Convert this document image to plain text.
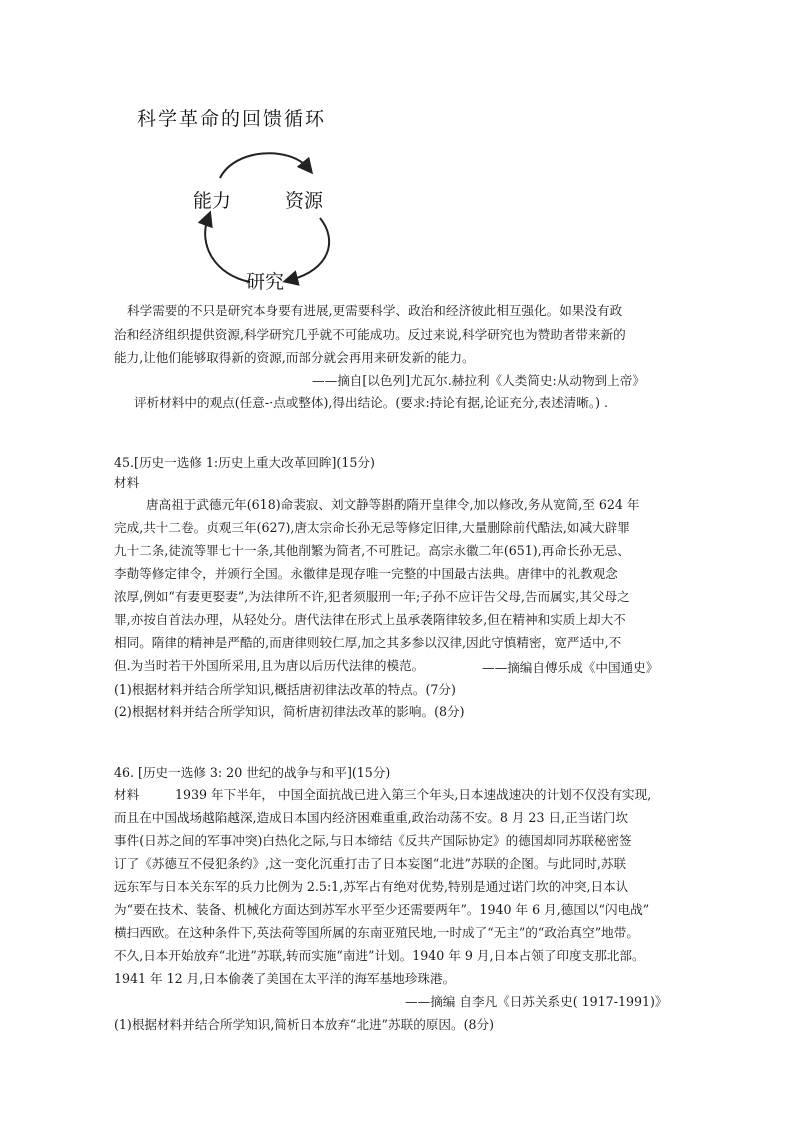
科学革命的回馈循环
能力	资源
研究
科学需要的不只是研究本身要有进展,更需要科学、政治和经济彼此相互强化。如果没有政
治和经济组织提供资源,科学研究几乎就不可能成功。反过来说,科学研究也为赞助者带来新的
能力,让他们能够取得新的资源,而部分就会再用来研发新的能力。
——摘自[以色列]尤瓦尔.赫拉利《人类简史:从动物到上帝》
评析材料中的观点(任意-·点或整体),得出结论。(要求:持论有据,论证充分,表述清晰。) .
45.[历史一选修 1:历史上重大改革回眸](15分)
材料
唐高祖于武德元年(618)命裴寂、刘文静等斟酌隋开皇律令,加以修改,务从宽简,至 624 年
完成,共十二卷。贞观三年(627),唐太宗命长孙无忌等修定旧律,大量删除前代酷法,如减大辟罪
九十二条,徒流等罪七十一条,其他削繁为简者,不可胜记。高宗永徽二年(651),再命长孙无忌、
李勣等修定律令，并颁行全国。永徽律是现存唯一完整的中国最古法典。唐律中的礼教观念
浓厚,例如“有妻更娶妻”,为法律所不许,犯者须服刑一年;子孙不应讦告父母,告而属实,其父母之
罪,亦按自首法办理，从轻处分。唐代法律在形式上虽承袭隋律较多,但在精神和实质上却大不
相同。隋律的精神是严酷的,而唐律则较仁厚,加之其多参以汉律,因此守慎精密，宽严适中,不
但.为当时若干外国所采用,且为唐以后历代法律的模范。	——摘编自傅乐成《中国通史》
(1)根据材料并结合所学知识,概括唐初律法改革的特点。(7分)
(2)根据材料并结合所学知识，简析唐初律法改革的影响。(8分)
46. [历史一选修 3: 20 世纪的战争与和平](15分)
材料	1939 年下半年， 中国全面抗战已进入第三个年头,日本速战速决的计划不仅没有实现,
而且在中国战场越陷越深,造成日本国内经济困难重重,政治动荡不安。8 月 23 日,正当诺门坎
事件(日苏之间的军事冲突)白热化之际,与日本缔结《反共产国际协定》的德国却同苏联秘密签
订了《苏德互不侵犯条约》,这一变化沉重打击了日本妄图“北进”苏联的企图。与此同时,苏联
远东军与日本关东军的兵力比例为 2.5:1,苏军占有绝对优势,特别是通过诺门坎的冲突,日本认
为“要在技术、装备、机械化方面达到苏军水平至少还需要两年”。1940 年 6 月,德国以“闪电战”
横扫西欧。在这种条件下,英法荷等国所属的东南亚殖民地,一时成了“无主”的“政治真空”地带。
不久,日本开始放弃“北进”苏联,转而实施“南进”计划。1940 年 9 月,日本占领了印度支那北部。
1941 年 12 月,日本偷袭了美国在太平洋的海军基地珍珠港。
——摘编 自李凡《日苏关系史( 1917-1991)》
(1)根据材料并结合所学知识,简析日本放弃“北进”苏联的原因。(8分)
